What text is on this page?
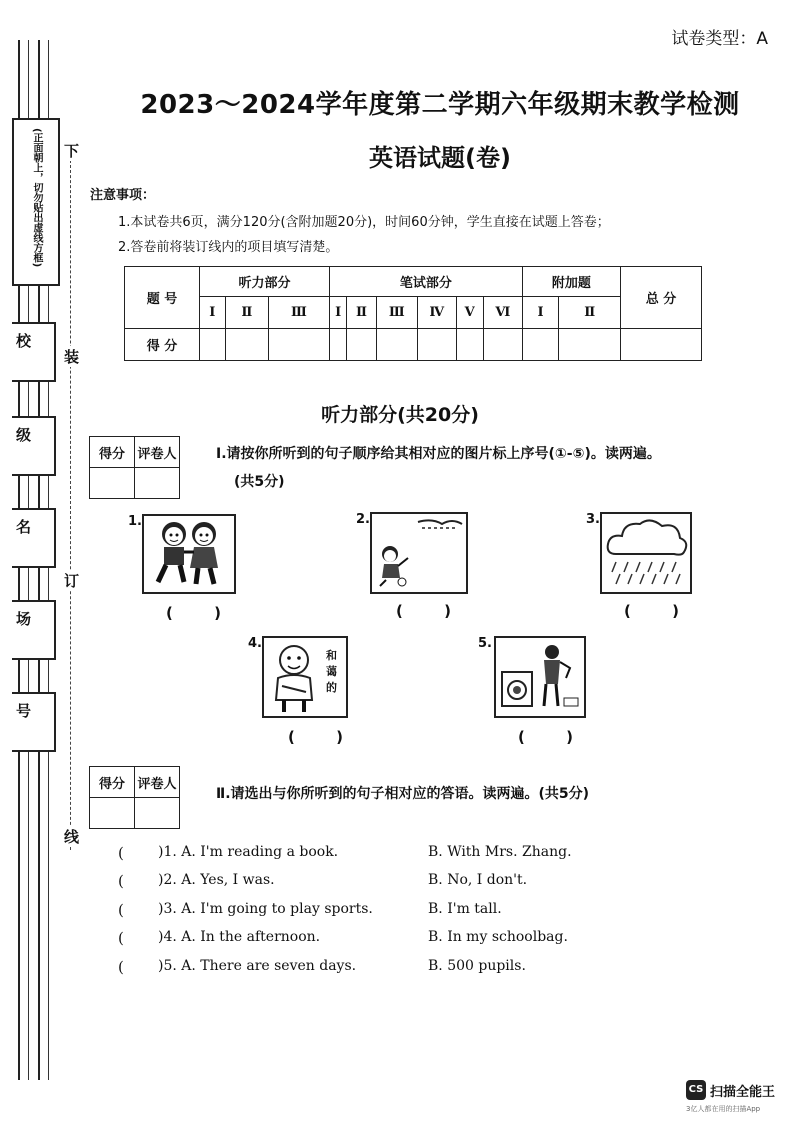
(正面朝上，切勿贴出虚线方框)
校
级
名
场
号
下
装
订
线
试卷类型：A
2023～2024学年度第二学期六年级期末教学检测
英语试题(卷)
注意事项：
1.本试卷共6页，满分120分(含附加题20分)，时间60分钟，学生直接在试题上答卷；
2.答卷前将装订线内的项目填写清楚。
题 号	听力部分			笔试部分						附加题		总 分
	Ⅰ	Ⅱ	Ⅲ	Ⅰ	Ⅱ	Ⅲ	Ⅳ	Ⅴ	Ⅵ	Ⅰ	Ⅱ	
得 分												
听力部分(共20分)
得分	评卷人
		Ⅰ.请按你所听到的句子顺序给其相对应的图片标上序号(①-⑤)。读两遍。
(共5分)
1.
( )
2.
( )
3.
( )
4.
和蔼的
( )
5.
( )
得分	评卷人

Ⅱ.请选出与你所听到的句子相对应的答语。读两遍。(共5分)
( )1. A. I'm reading a book.	B. With Mrs. Zhang.
( )2. A. Yes, I was.	B. No, I don't.
( )3. A. I'm going to play sports.	B. I'm tall.
( )4. A. In the afternoon.	B. In my schoolbag.
( )5. A. There are seven days.	B. 500 pupils.
CS 扫描全能王
3亿人都在用的扫描App
